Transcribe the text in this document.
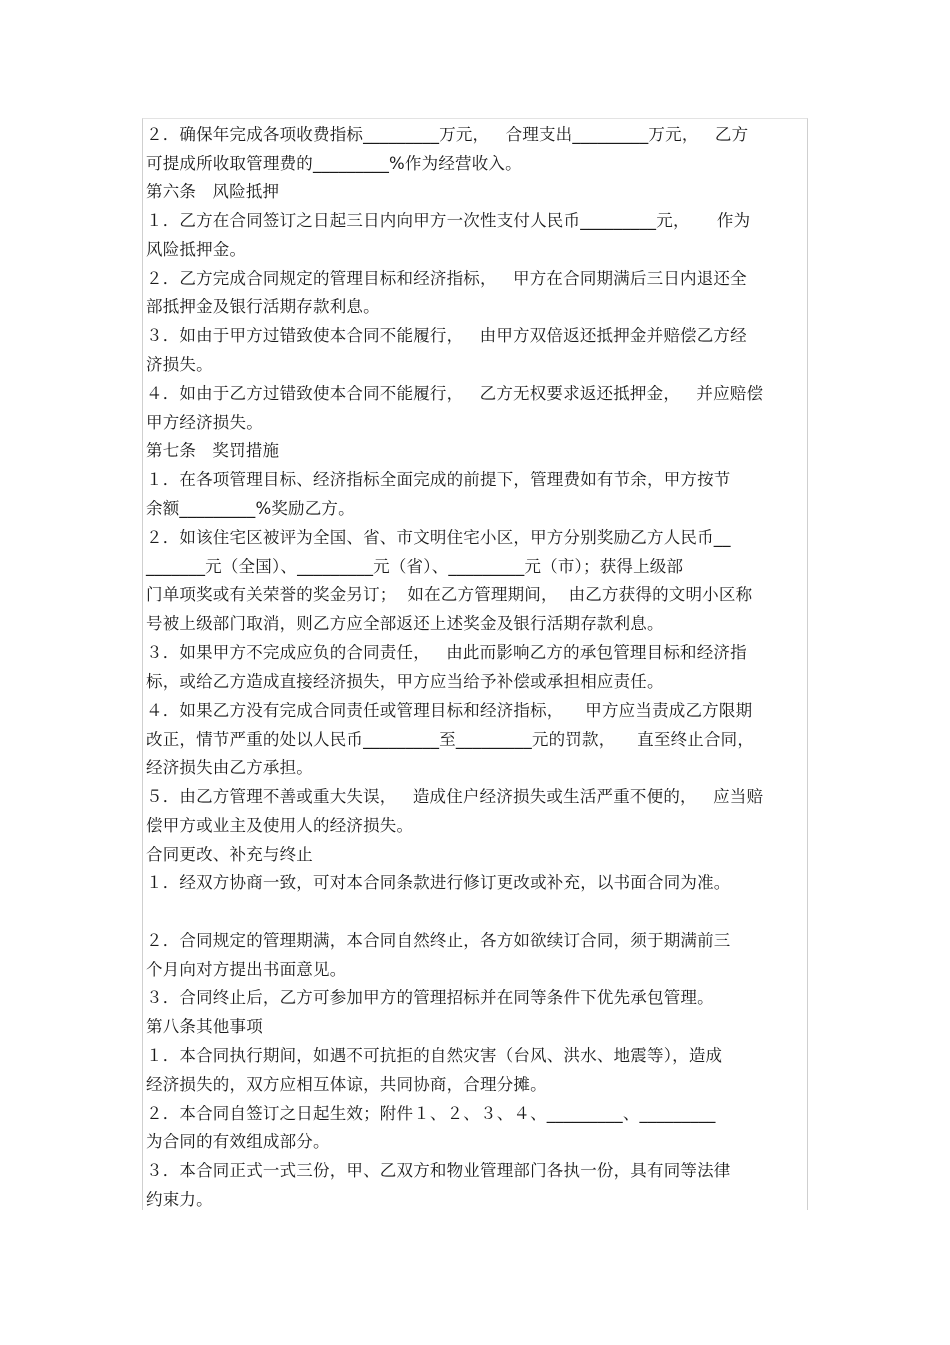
２．确保年完成各项收费指标_________万元，   合理支出_________万元，   乙方
可提成所收取管理费的_________%作为经营收入。
第六条   风险抵押
１．乙方在合同签订之日起三日内向甲方一次性支付人民币_________元，     作为
风险抵押金。
２．乙方完成合同规定的管理目标和经济指标，   甲方在合同期满后三日内退还全
部抵押金及银行活期存款利息。
３．如由于甲方过错致使本合同不能履行，   由甲方双倍返还抵押金并赔偿乙方经
济损失。
４．如由于乙方过错致使本合同不能履行，   乙方无权要求返还抵押金，   并应赔偿
甲方经济损失。
第七条   奖罚措施
１．在各项管理目标、经济指标全面完成的前提下，管理费如有节余，甲方按节
余额_________%奖励乙方。
２．如该住宅区被评为全国、省、市文明住宅小区，甲方分别奖励乙方人民币__
_______元（全国）、_________元（省）、_________元（市）；获得上级部
门单项奖或有关荣誉的奖金另订；  如在乙方管理期间，  由乙方获得的文明小区称
号被上级部门取消，则乙方应全部返还上述奖金及银行活期存款利息。
３．如果甲方不完成应负的合同责任，   由此而影响乙方的承包管理目标和经济指
标，或给乙方造成直接经济损失，甲方应当给予补偿或承担相应责任。
４．如果乙方没有完成合同责任或管理目标和经济指标，    甲方应当责成乙方限期
改正，情节严重的处以人民币_________至_________元的罚款，    直至终止合同，
经济损失由乙方承担。
５．由乙方管理不善或重大失误，   造成住户经济损失或生活严重不便的，   应当赔
偿甲方或业主及使用人的经济损失。
合同更改、补充与终止
１．经双方协商一致，可对本合同条款进行修订更改或补充，以书面合同为准。
２．合同规定的管理期满，本合同自然终止，各方如欲续订合同，须于期满前三
个月向对方提出书面意见。
３．合同终止后，乙方可参加甲方的管理招标并在同等条件下优先承包管理。
第八条其他事项
１．本合同执行期间，如遇不可抗拒的自然灾害（台风、洪水、地震等），造成
经济损失的，双方应相互体谅，共同协商，合理分摊。
２．本合同自签订之日起生效；附件１、２、３、４、_________、_________
为合同的有效组成部分。
３．本合同正式一式三份，甲、乙双方和物业管理部门各执一份，具有同等法律
约束力。
